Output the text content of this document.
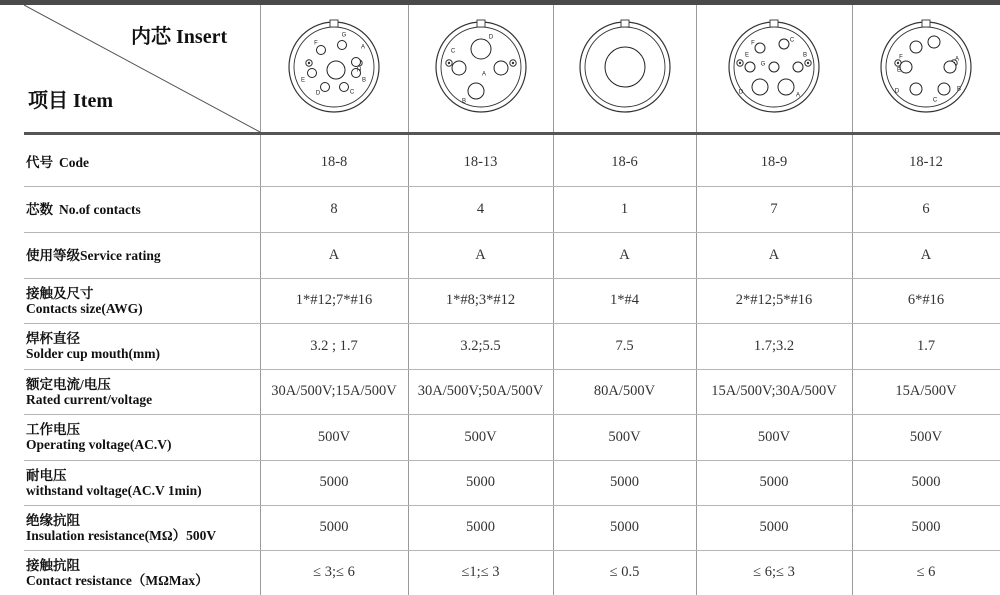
内芯 Insert
项目 Item
A
B
C
D
E
F
G
H
A
B
C
D
A
B
C
D
E
F
G
A
B
C
D
E
F
代号 Code	18-8	18-13	18-6	18-9	18-12
芯数 No.of contacts	8	4	1	7	6
使用等级Service rating	A	A	A	A	A
接触及尺寸
Contacts size(AWG)	1*#12;7*#16	1*#8;3*#12	1*#4	2*#12;5*#16	6*#16
焊杯直径
Solder cup mouth(mm)	3.2 ; 1.7	3.2;5.5	7.5	1.7;3.2	1.7
额定电流/电压
Rated current/voltage	30A/500V;15A/500V	30A/500V;50A/500V	80A/500V	15A/500V;30A/500V	15A/500V
工作电压
Operating voltage(AC.V)	500V	500V	500V	500V	500V
耐电压
withstand voltage(AC.V 1min)	5000	5000	5000	5000	5000
绝缘抗阻
Insulation resistance(MΩ）500V	5000	5000	5000	5000	5000
接触抗阻
Contact resistance（MΩMax）	≤ 3;≤ 6	≤1;≤ 3	≤ 0.5	≤ 6;≤ 3	≤ 6
